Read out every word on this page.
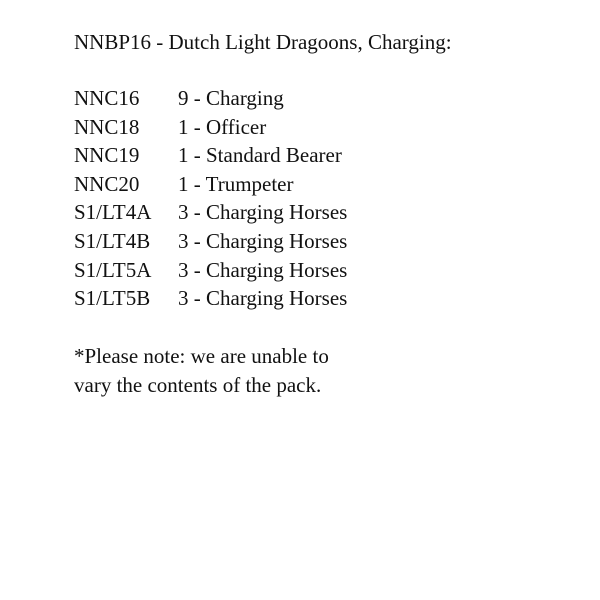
NNBP16 - Dutch Light Dragoons, Charging:
NNC16 9 - Charging
NNC18 1 - Officer
NNC19 1 - Standard Bearer
NNC20 1 - Trumpeter
S1/LT4A 3 - Charging Horses
S1/LT4B 3 - Charging Horses
S1/LT5A 3 - Charging Horses
S1/LT5B 3 - Charging Horses
*Please note: we are unable to
vary the contents of the pack.
